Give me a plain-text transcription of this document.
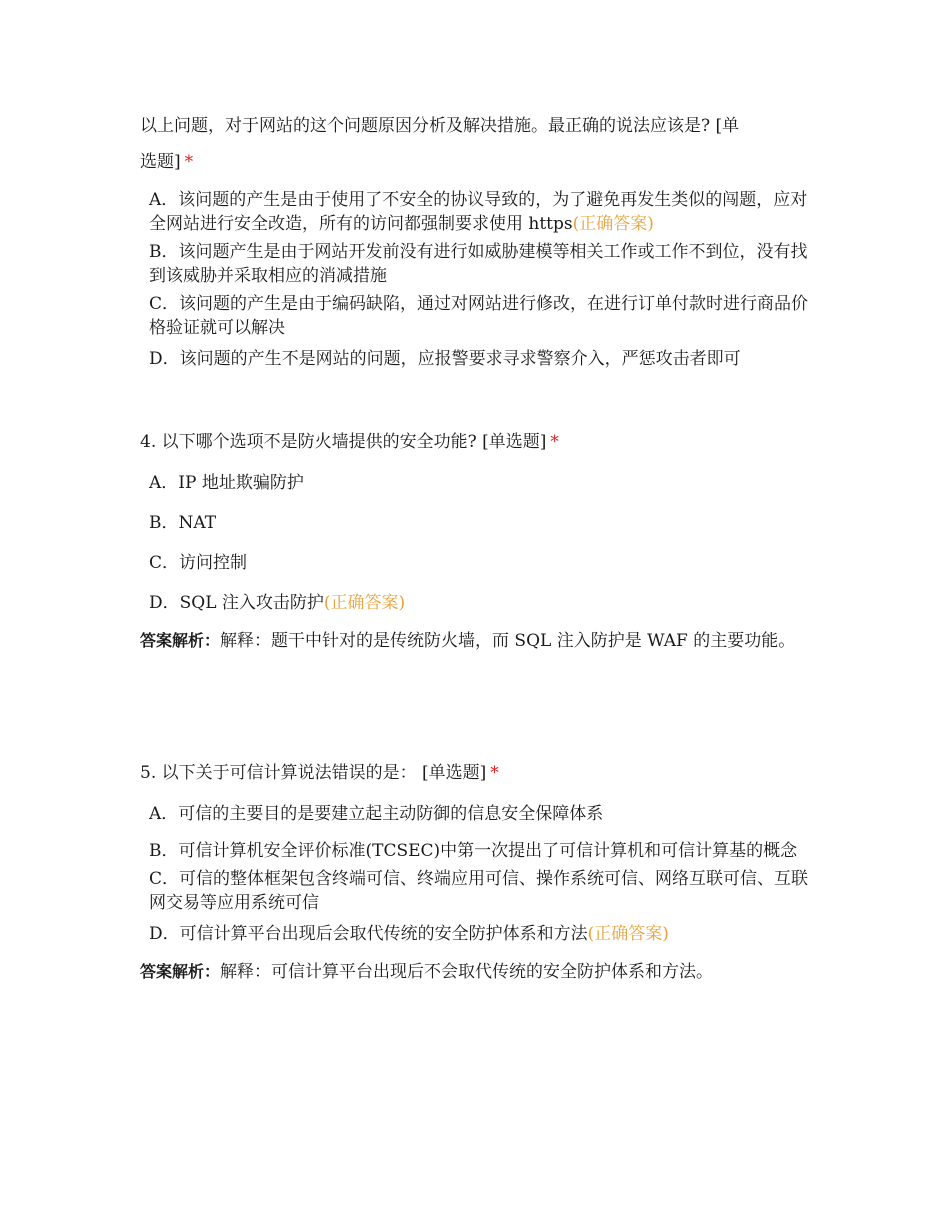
以上问题，对于网站的这个问题原因分析及解决措施。最正确的说法应该是? [单
选题] *

A．该问题的产生是由于使用了不安全的协议导致的，为了避免再发生类似的闯题，应对全网站进行安全改造，所有的访问都强制要求使用 https(正确答案)
B．该问题产生是由于网站开发前没有进行如威胁建模等相关工作或工作不到位，没有找到该威胁并采取相应的消减措施
C．该问题的产生是由于编码缺陷，通过对网站进行修改，在进行订单付款时进行商品价格验证就可以解决
D．该问题的产生不是网站的问题，应报警要求寻求警察介入，严惩攻击者即可

4. 以下哪个选项不是防火墙提供的安全功能? [单选题] *

A．IP 地址欺骗防护
B．NAT
C．访问控制
D．SQL 注入攻击防护(正确答案)
答案解析：解释：题干中针对的是传统防火墙，而 SQL 注入防护是 WAF 的主要功能。

5. 以下关于可信计算说法错误的是： [单选题] *

A．可信的主要目的是要建立起主动防御的信息安全保障体系
B．可信计算机安全评价标准(TCSEC)中第一次提出了可信计算机和可信计算基的概念
C．可信的整体框架包含终端可信、终端应用可信、操作系统可信、网络互联可信、互联网交易等应用系统可信
D．可信计算平台出现后会取代传统的安全防护体系和方法(正确答案)
答案解析：解释：可信计算平台出现后不会取代传统的安全防护体系和方法。
